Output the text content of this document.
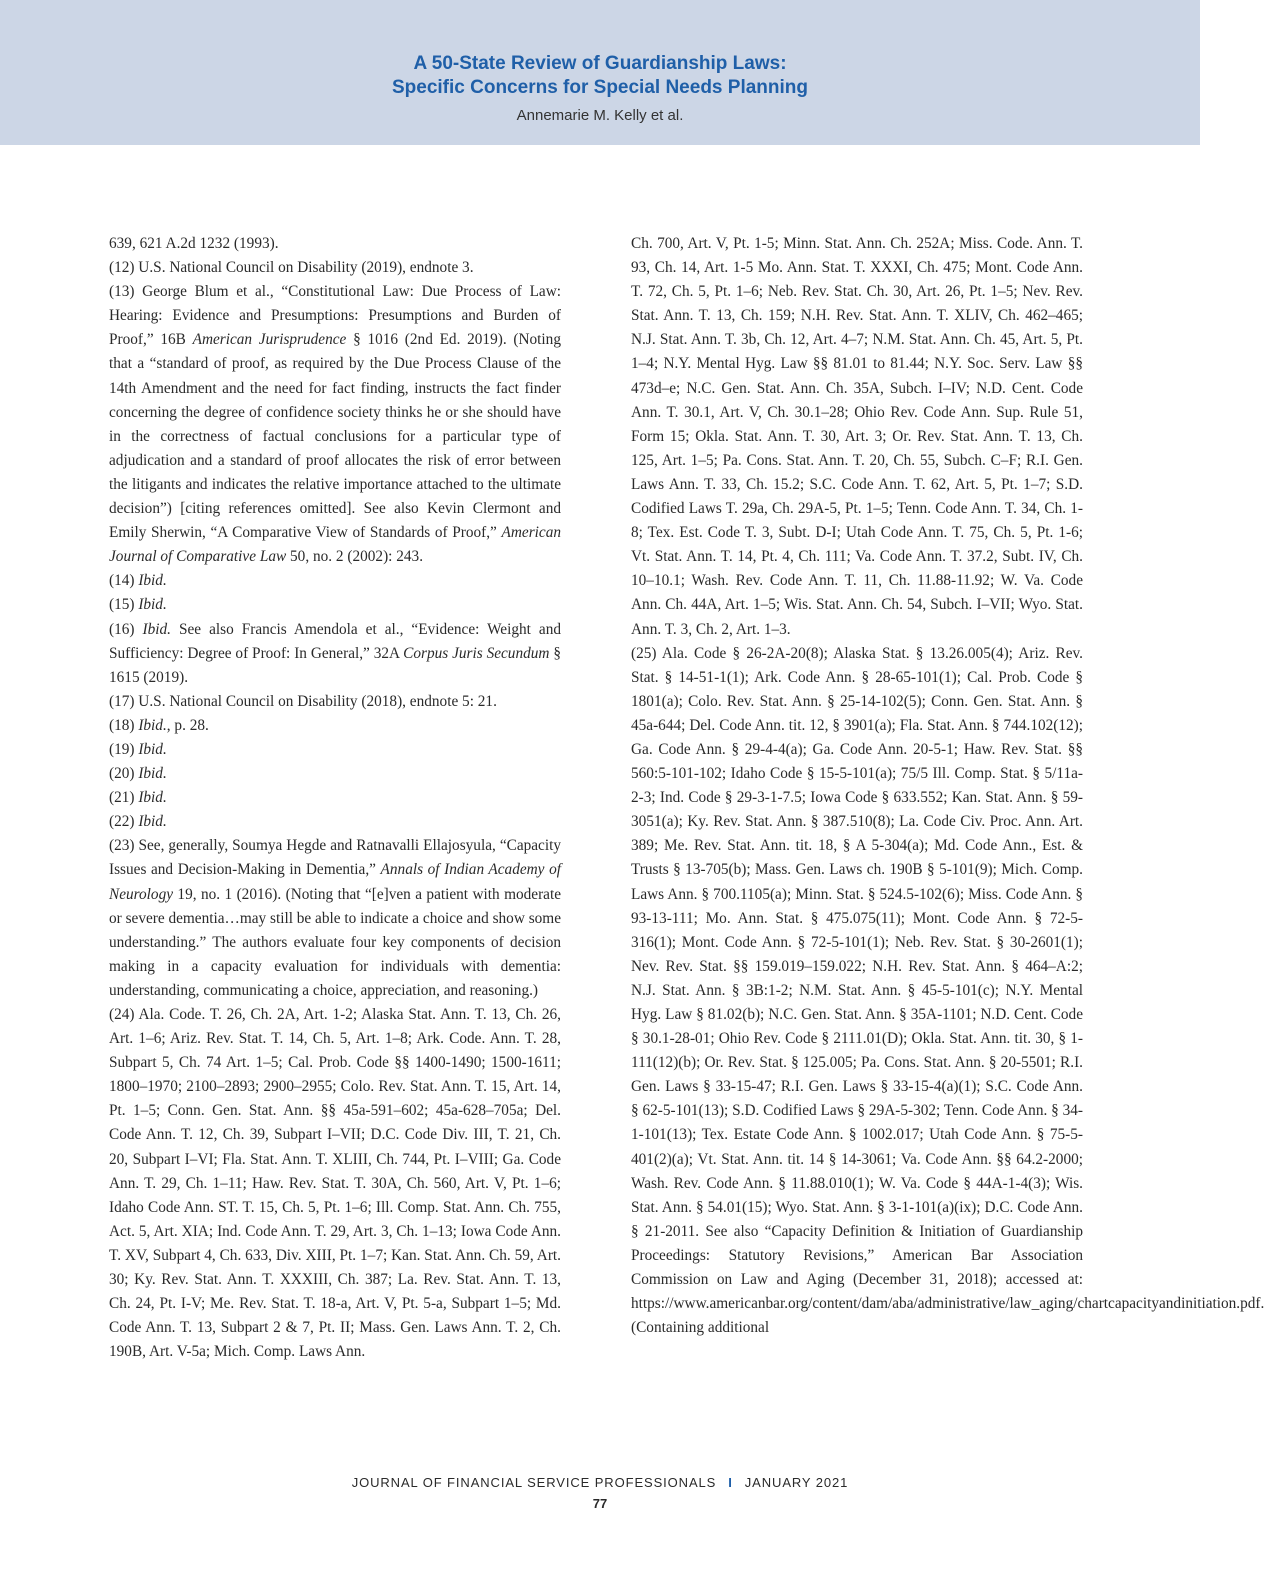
A 50-State Review of Guardianship Laws:
Specific Concerns for Special Needs Planning
Annemarie M. Kelly et al.

639, 621 A.2d 1232 (1993).

(12) U.S. National Council on Disability (2019), endnote 3.

(13) George Blum et al., “Constitutional Law: Due Process of Law: Hearing: Evidence and Presumptions: Presumptions and Burden of Proof,” 16B American Jurisprudence § 1016 (2nd Ed. 2019). (Noting that a “standard of proof, as required by the Due Process Clause of the 14th Amendment and the need for fact finding, instructs the fact finder concerning the degree of confidence society thinks he or she should have in the correctness of factual conclusions for a particular type of adjudication and a standard of proof allocates the risk of error between the litigants and indicates the relative importance attached to the ultimate decision”) [citing references omitted]. See also Kevin Clermont and Emily Sherwin, “A Comparative View of Standards of Proof,” American Journal of Comparative Law 50, no. 2 (2002): 243.

(14) Ibid.

(15) Ibid.

(16) Ibid. See also Francis Amendola et al., “Evidence: Weight and Sufficiency: Degree of Proof: In General,” 32A Corpus Juris Secundum § 1615 (2019).

(17) U.S. National Council on Disability (2018), endnote 5: 21.

(18) Ibid., p. 28.

(19) Ibid.

(20) Ibid.

(21) Ibid.

(22) Ibid.

(23) See, generally, Soumya Hegde and Ratnavalli Ellajosyula, “Capacity Issues and Decision-Making in Dementia,” Annals of Indian Academy of Neurology 19, no. 1 (2016). (Noting that “[e]ven a patient with moderate or severe dementia…may still be able to indicate a choice and show some understanding.” The authors evaluate four key components of decision making in a capacity evaluation for individuals with dementia: understanding, communicating a choice, appreciation, and reasoning.)

(24) Ala. Code. T. 26, Ch. 2A, Art. 1-2; Alaska Stat. Ann. T. 13, Ch. 26, Art. 1–6; Ariz. Rev. Stat. T. 14, Ch. 5, Art. 1–8; Ark. Code. Ann. T. 28, Subpart 5, Ch. 74 Art. 1–5; Cal. Prob. Code §§ 1400-1490; 1500-1611; 1800–1970; 2100–2893; 2900–2955; Colo. Rev. Stat. Ann. T. 15, Art. 14, Pt. 1–5; Conn. Gen. Stat. Ann. §§ 45a-591–602; 45a-628–705a; Del. Code Ann. T. 12, Ch. 39, Subpart I–VII; D.C. Code Div. III, T. 21, Ch. 20, Subpart I–VI; Fla. Stat. Ann. T. XLIII, Ch. 744, Pt. I–VIII; Ga. Code Ann. T. 29, Ch. 1–11; Haw. Rev. Stat. T. 30A, Ch. 560, Art. V, Pt. 1–6; Idaho Code Ann. ST. T. 15, Ch. 5, Pt. 1–6; Ill. Comp. Stat. Ann. Ch. 755, Act. 5, Art. XIA; Ind. Code Ann. T. 29, Art. 3, Ch. 1–13; Iowa Code Ann. T. XV, Subpart 4, Ch. 633, Div. XIII, Pt. 1–7; Kan. Stat. Ann. Ch. 59, Art. 30; Ky. Rev. Stat. Ann. T. XXXIII, Ch. 387; La. Rev. Stat. Ann. T. 13, Ch. 24, Pt. I-V; Me. Rev. Stat. T. 18-a, Art. V, Pt. 5-a, Subpart 1–5; Md. Code Ann. T. 13, Subpart 2 & 7, Pt. II; Mass. Gen. Laws Ann. T. 2, Ch. 190B, Art. V-5a; Mich. Comp. Laws Ann.

Ch. 700, Art. V, Pt. 1-5; Minn. Stat. Ann. Ch. 252A; Miss. Code. Ann. T. 93, Ch. 14, Art. 1-5 Mo. Ann. Stat. T. XXXI, Ch. 475; Mont. Code Ann. T. 72, Ch. 5, Pt. 1–6; Neb. Rev. Stat. Ch. 30, Art. 26, Pt. 1–5; Nev. Rev. Stat. Ann. T. 13, Ch. 159; N.H. Rev. Stat. Ann. T. XLIV, Ch. 462–465; N.J. Stat. Ann. T. 3b, Ch. 12, Art. 4–7; N.M. Stat. Ann. Ch. 45, Art. 5, Pt. 1–4; N.Y. Mental Hyg. Law §§ 81.01 to 81.44; N.Y. Soc. Serv. Law §§ 473d–e; N.C. Gen. Stat. Ann. Ch. 35A, Subch. I–IV; N.D. Cent. Code Ann. T. 30.1, Art. V, Ch. 30.1–28; Ohio Rev. Code Ann. Sup. Rule 51, Form 15; Okla. Stat. Ann. T. 30, Art. 3; Or. Rev. Stat. Ann. T. 13, Ch. 125, Art. 1–5; Pa. Cons. Stat. Ann. T. 20, Ch. 55, Subch. C–F; R.I. Gen. Laws Ann. T. 33, Ch. 15.2; S.C. Code Ann. T. 62, Art. 5, Pt. 1–7; S.D. Codified Laws T. 29a, Ch. 29A-5, Pt. 1–5; Tenn. Code Ann. T. 34, Ch. 1-8; Tex. Est. Code T. 3, Subt. D-I; Utah Code Ann. T. 75, Ch. 5, Pt. 1-6; Vt. Stat. Ann. T. 14, Pt. 4, Ch. 111; Va. Code Ann. T. 37.2, Subt. IV, Ch. 10–10.1; Wash. Rev. Code Ann. T. 11, Ch. 11.88-11.92; W. Va. Code Ann. Ch. 44A, Art. 1–5; Wis. Stat. Ann. Ch. 54, Subch. I–VII; Wyo. Stat. Ann. T. 3, Ch. 2, Art. 1–3.

(25) Ala. Code § 26-2A-20(8); Alaska Stat. § 13.26.005(4); Ariz. Rev. Stat. § 14-51-1(1); Ark. Code Ann. § 28-65-101(1); Cal. Prob. Code § 1801(a); Colo. Rev. Stat. Ann. § 25-14-102(5); Conn. Gen. Stat. Ann. § 45a-644; Del. Code Ann. tit. 12, § 3901(a); Fla. Stat. Ann. § 744.102(12); Ga. Code Ann. § 29-4-4(a); Ga. Code Ann. 20-5-1; Haw. Rev. Stat. §§ 560:5-101-102; Idaho Code § 15-5-101(a); 75/5 Ill. Comp. Stat. § 5/11a-2-3; Ind. Code § 29-3-1-7.5; Iowa Code § 633.552; Kan. Stat. Ann. § 59-3051(a); Ky. Rev. Stat. Ann. § 387.510(8); La. Code Civ. Proc. Ann. Art. 389; Me. Rev. Stat. Ann. tit. 18, § A 5-304(a); Md. Code Ann., Est. & Trusts § 13-705(b); Mass. Gen. Laws ch. 190B § 5-101(9); Mich. Comp. Laws Ann. § 700.1105(a); Minn. Stat. § 524.5-102(6); Miss. Code Ann. § 93-13-111; Mo. Ann. Stat. § 475.075(11); Mont. Code Ann. § 72-5-316(1); Mont. Code Ann. § 72-5-101(1); Neb. Rev. Stat. § 30-2601(1); Nev. Rev. Stat. §§ 159.019–159.022; N.H. Rev. Stat. Ann. § 464–A:2; N.J. Stat. Ann. § 3B:1-2; N.M. Stat. Ann. § 45-5-101(c); N.Y. Mental Hyg. Law § 81.02(b); N.C. Gen. Stat. Ann. § 35A-1101; N.D. Cent. Code § 30.1-28-01; Ohio Rev. Code § 2111.01(D); Okla. Stat. Ann. tit. 30, § 1-111(12)(b); Or. Rev. Stat. § 125.005; Pa. Cons. Stat. Ann. § 20-5501; R.I. Gen. Laws § 33-15-47; R.I. Gen. Laws § 33-15-4(a)(1); S.C. Code Ann. § 62-5-101(13); S.D. Codified Laws § 29A-5-302; Tenn. Code Ann. § 34-1-101(13); Tex. Estate Code Ann. § 1002.017; Utah Code Ann. § 75-5-401(2)(a); Vt. Stat. Ann. tit. 14 § 14-3061; Va. Code Ann. §§ 64.2-2000; Wash. Rev. Code Ann. § 11.88.010(1); W. Va. Code § 44A-1-4(3); Wis. Stat. Ann. § 54.01(15); Wyo. Stat. Ann. § 3-1-101(a)(ix); D.C. Code Ann. § 21-2011. See also “Capacity Definition & Initiation of Guardianship Proceedings: Statutory Revisions,” American Bar Association Commission on Law and Aging (December 31, 2018); accessed at: https://www.americanbar.org/content/dam/aba/administrative/law_aging/chartcapacityandinitiation.pdf. (Containing additional

JOURNAL OF FINANCIAL SERVICE PROFESSIONALS I JANUARY 2021
77
